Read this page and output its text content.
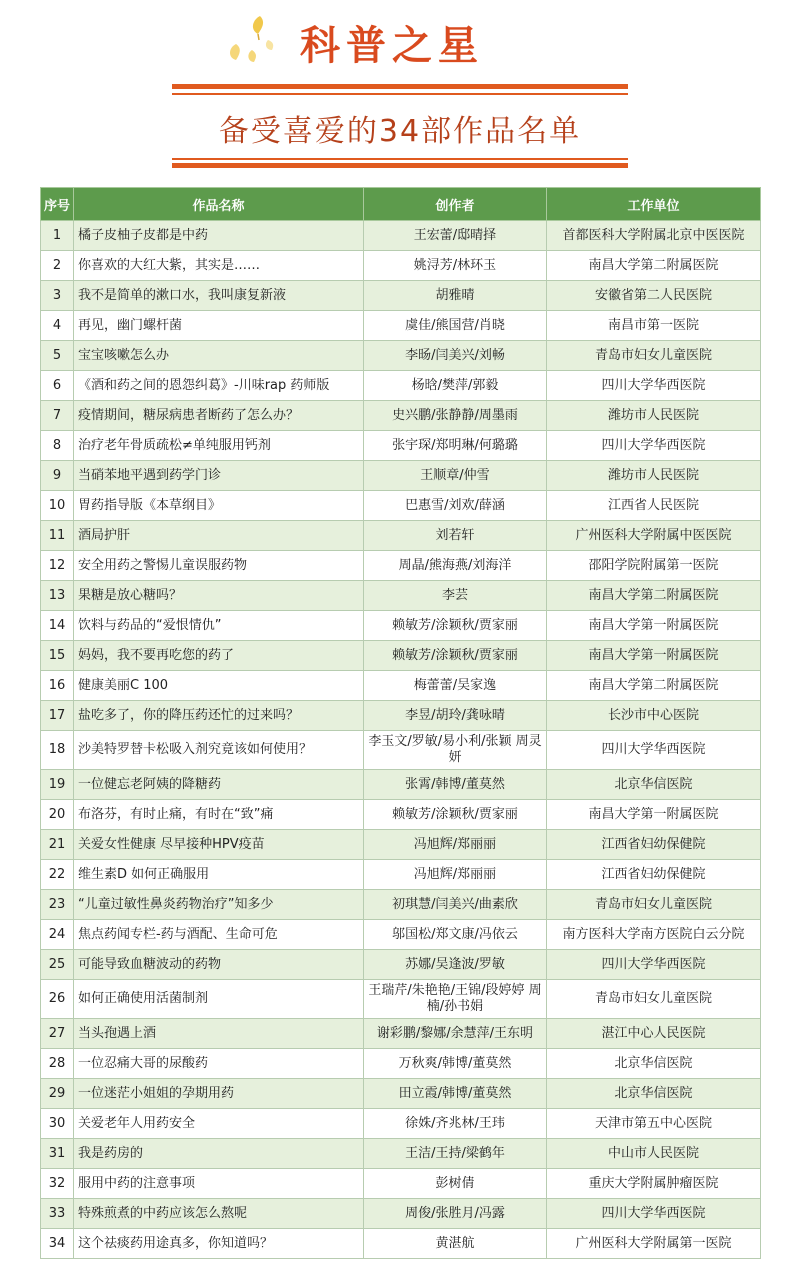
科普之星
备受喜爱的34部作品名单
序号	作品名称	创作者	工作单位
1	橘子皮柚子皮都是中药	王宏蕾/邸晴择	首都医科大学附属北京中医医院
2	你喜欢的大红大紫，其实是……	姚浔芳/林环玉	南昌大学第二附属医院
3	我不是简单的漱口水，我叫康复新液	胡雅晴	安徽省第二人民医院
4	再见，幽门螺杆菌	虞佳/熊国营/肖晓	南昌市第一医院
5	宝宝咳嗽怎么办	李旸/闫美兴/刘畅	青岛市妇女儿童医院
6	《酒和药之间的恩怨纠葛》-川味rap 药师版	杨晗/樊萍/郭毅	四川大学华西医院
7	疫情期间，糖尿病患者断药了怎么办？	史兴鹏/张静静/周墨雨	潍坊市人民医院
8	治疗老年骨质疏松≠单纯服用钙剂	张宇琛/郑明琳/何璐璐	四川大学华西医院
9	当硝苯地平遇到药学门诊	王顺章/仲雪	潍坊市人民医院
10	胃药指导版《本草纲目》	巴惠雪/刘欢/薛涵	江西省人民医院
11	酒局护肝	刘若轩	广州医科大学附属中医医院
12	安全用药之警惕儿童误服药物	周晶/熊海燕/刘海洋	邵阳学院附属第一医院
13	果糖是放心糖吗？	李芸	南昌大学第二附属医院
14	饮料与药品的“爱恨情仇”	赖敏芳/涂颖秋/贾家丽	南昌大学第一附属医院
15	妈妈，我不要再吃您的药了	赖敏芳/涂颖秋/贾家丽	南昌大学第一附属医院
16	健康美丽C 100	梅蕾蕾/吴家逸	南昌大学第二附属医院
17	盐吃多了，你的降压药还忙的过来吗？	李昱/胡玲/龚咏晴	长沙市中心医院
18	沙美特罗替卡松吸入剂究竟该如何使用？	李玉文/罗敏/易小利/张颖 周灵妍	四川大学华西医院
19	一位健忘老阿姨的降糖药	张霄/韩博/董莫然	北京华信医院
20	布洛芬，有时止痛，有时在“致”痛	赖敏芳/涂颖秋/贾家丽	南昌大学第一附属医院
21	关爱女性健康 尽早接种HPV疫苗	冯旭辉/郑丽丽	江西省妇幼保健院
22	维生素D 如何正确服用	冯旭辉/郑丽丽	江西省妇幼保健院
23	“儿童过敏性鼻炎药物治疗”知多少	初琪慧/闫美兴/曲素欣	青岛市妇女儿童医院
24	焦点药闻专栏-药与酒配、生命可危	邬国松/郑文康/冯依云	南方医科大学南方医院白云分院
25	可能导致血糖波动的药物	苏娜/吴逢波/罗敏	四川大学华西医院
26	如何正确使用活菌制剂	王瑞芹/朱艳艳/王锦/段婷婷 周楠/孙书娟	青岛市妇女儿童医院
27	当头孢遇上酒	谢彩鹏/黎娜/余慧萍/王东明	湛江中心人民医院
28	一位忍痛大哥的尿酸药	万秋爽/韩博/董莫然	北京华信医院
29	一位迷茫小姐姐的孕期用药	田立霞/韩博/董莫然	北京华信医院
30	关爱老年人用药安全	徐姝/齐兆林/王玮	天津市第五中心医院
31	我是药房的	王洁/王持/梁鹤年	中山市人民医院
32	服用中药的注意事项	彭树倩	重庆大学附属肿瘤医院
33	特殊煎煮的中药应该怎么熬呢	周俊/张胜月/冯露	四川大学华西医院
34	这个祛痰药用途真多，你知道吗？	黄湛航	广州医科大学附属第一医院
